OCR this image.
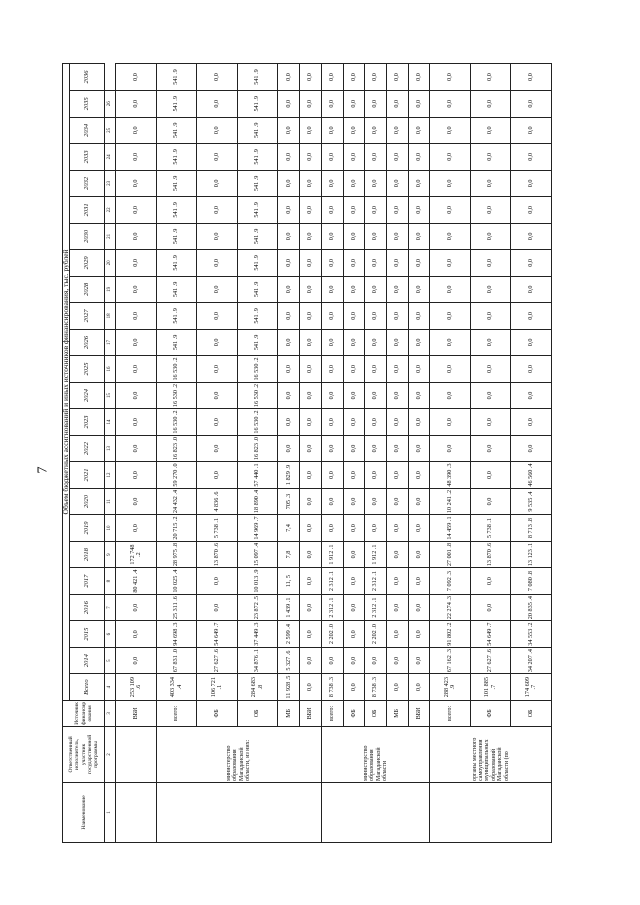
7
Наименование	Ответственный исполнитель, участник государственной программы	Источник финансирования	Объем бюджетных ассигнований и иных источников финансирования, тыс. рублей																							
			Всего	2014	2015	2016	2017	2018	2019	2020	2021	2022	2023	2024	2025	2026	2027	2028	2029	2030	2031	2032	2033	2034	2035	2036
1	2	3	4	5	6	7	8	9	10	11	12	13	14	15	16	17	18	19	20	21	22	23	24	25	26	
		ВБИ	253 109 .6	0,0	0,0	0,0	80 421 .4	172 748 .2	0,0	0,0	0,0	0,0	0,0	0,0	0,0	0,0	0,0	0,0	0,0	0,0	0,0	0,0	0,0	0,0	0,0	0,0
	министерство образования Магаданской области, из них:	всего:	403 334 .4	67 831 .0	94 698 .3	25 311 .6	10 025 .4	28 975 .8	20 715 .2	24 432 .4	59 270 .0	16 823 .0	16 530 .2	16 530 .2	16 530 .2	541 .9	541 .9	541 .9	541 .9	541 .9	541 .9	541 .9	541 .9	541 .9	541 .9	541 .9
		ФБ	106 721 .1	27 627 .6	54 649 .7	0,0	0,0	13 870 .6	5 738 .1	4 836 .6	0,0	0,0	0,0	0,0	0,0	0,0	0,0	0,0	0,0	0,0	0,0	0,0	0,0	0,0	0,0	0,0
		ОБ	284 683 .8	34 876 .1	37 449 .3	23 872 .5	10 013 .9	15 097 .4	14 969 .7	18 890 .4	57 440 .1	16 823 .0	16 530 .2	16 530 .2	16 530 .2	541 .9	541 .9	541 .9	541 .9	541 .9	541 .9	541 .9	541 .9	541 .9	541 .9	541 .9
		МБ	11 928 .5	5 327 .6	2 599 .4	1 439 .1	11, 5	7,8	7,4	705 .3	1 829 .9	0,0	0,0	0,0	0,0	0,0	0,0	0,0	0,0	0,0	0,0	0,0	0,0	0,0	0,0	0,0
		ВБИ	0,0	0,0	0,0	0,0	0,0	0,0	0,0	0,0	0,0	0,0	0,0	0,0	0,0	0,0	0,0	0,0	0,0	0,0	0,0	0,0	0,0	0,0	0,0	0,0
	министерство образования Магаданской области	всего:	8 738 .3	0,0	2 202 .0	2 312 .1	2 312 .1	1 912 .1	0,0	0,0	0,0	0,0	0,0	0,0	0,0	0,0	0,0	0,0	0,0	0,0	0,0	0,0	0,0	0,0	0,0	0,0
		ФБ	0,0	0,0	0,0	0,0	0,0	0,0	0,0	0,0	0,0	0,0	0,0	0,0	0,0	0,0	0,0	0,0	0,0	0,0	0,0	0,0	0,0	0,0	0,0	0,0
		ОБ	8 738 .3	0,0	2 202 .0	2 312 .1	2 312 .1	1 912 .1	0,0	0,0	0,0	0,0	0,0	0,0	0,0	0,0	0,0	0,0	0,0	0,0	0,0	0,0	0,0	0,0	0,0	0,0
		МБ	0,0	0,0	0,0	0,0	0,0	0,0	0,0	0,0	0,0	0,0	0,0	0,0	0,0	0,0	0,0	0,0	0,0	0,0	0,0	0,0	0,0	0,0	0,0	0,0
		ВБИ	0,0	0,0	0,0	0,0	0,0	0,0	0,0	0,0	0,0	0,0	0,0	0,0	0,0	0,0	0,0	0,0	0,0	0,0	0,0	0,0	0,0	0,0	0,0	0,0
	органы местного самоуправления муниципальных образований Магаданской области (по	всего:	288 423 .9	67 162 .3	91 802 .2	22 274 .3	7 092 .3	27 001 .8	14 459 .1	10 241 .2	48 390 .3	0,0	0,0	0,0	0,0	0,0	0,0	0,0	0,0	0,0	0,0	0,0	0,0	0,0	0,0	0,0
		ФБ	101 885 .7	27 627 .6	54 649 .7	0,0	0,0	13 870 .6	5 738 .1	0,0	0,0	0,0	0,0	0,0	0,0	0,0	0,0	0,0	0,0	0,0	0,0	0,0	0,0	0,0	0,0	0,0
		ОБ	174 609 .7	34 207 .4	34 553 .2	20 835 .4	7 080 .8	13 123 .1	8 713 .8	9 535 .4	46 560 .4	0,0	0,0	0,0	0,0	0,0	0,0	0,0	0,0	0,0	0,0	0,0	0,0	0,0	0,0	0,0
